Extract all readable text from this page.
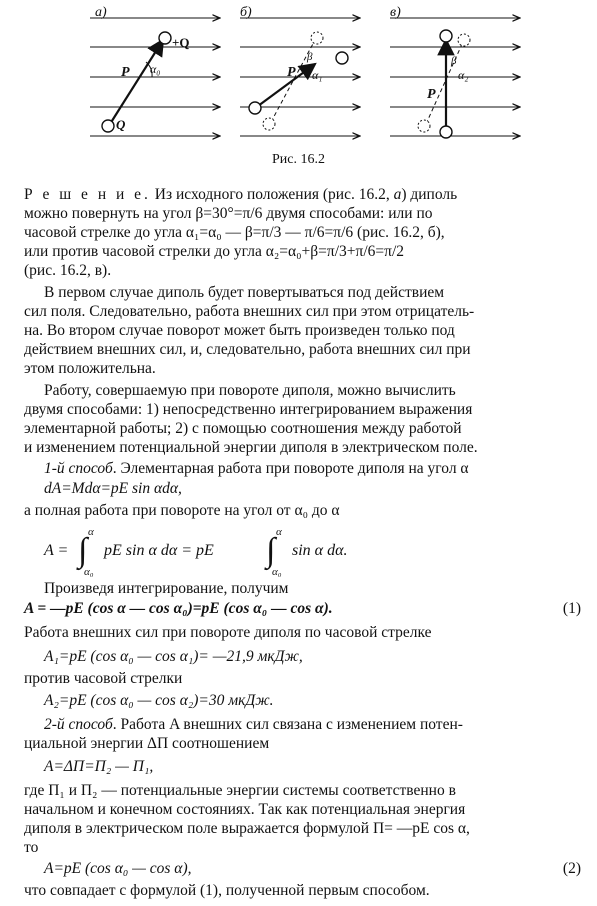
a)	б)	в)
+Q
Q
P α₀	P α₁
β
P
α₂
β
Рис. 16.2
Р е ш е н и е. Из исходного положения (рис. 16.2, а) диполь
можно повернуть на угол β=30°=π/6 двумя способами: или по
часовой стрелке до угла α₁=α₀ — β=π/3 — π/6=π/6 (рис. 16.2, б),
или против часовой стрелки до угла α₂=α₀+β=π/3+π/6=π/2
(рис. 16.2, в).
В первом случае диполь будет повертываться под действием
сил поля. Следовательно, работа внешних сил при этом отрицатель-
на. Во втором случае поворот может быть произведен только под
действием внешних сил, и, следовательно, работа внешних сил при
этом положительна.
Работу, совершаемую при повороте диполя, можно вычислить
двумя способами: 1) непосредственно интегрированием выражения
элементарной работы; 2) с помощью соотношения между работой
и изменением потенциальной энергии диполя в электрическом поле.
1-й способ. Элементарная работа при повороте диполя на угол α
dA=Mdα=pE sin αdα,
а полная работа при повороте на угол от α₀ до α
A = ∫ α
α₀
pE sin α dα = pE ∫ α
α₀
sin α dα.
Произведя интегрирование, получим
A = —pE (cos α — cos α₀)=pE (cos α₀ — cos α).	(1)
Работа внешних сил при повороте диполя по часовой стрелке
A₁=pE (cos α₀ — cos α₁)= —21,9 мкДж,
против часовой стрелки
A₂=pE (cos α₀ — cos α₂)=30 мкДж.
2-й способ. Работа A внешних сил связана с изменением потен-
циальной энергии ΔП соотношением
A=ΔП=П₂ — П₁,
где П₁ и П₂ — потенциальные энергии системы соответственно в
начальном и конечном состояниях. Так как потенциальная энергия
диполя в электрическом поле выражается формулой П= —pE cos α,
то
A=pE (cos α₀ — cos α),	(2)
что совпадает с формулой (1), полученной первым способом.
